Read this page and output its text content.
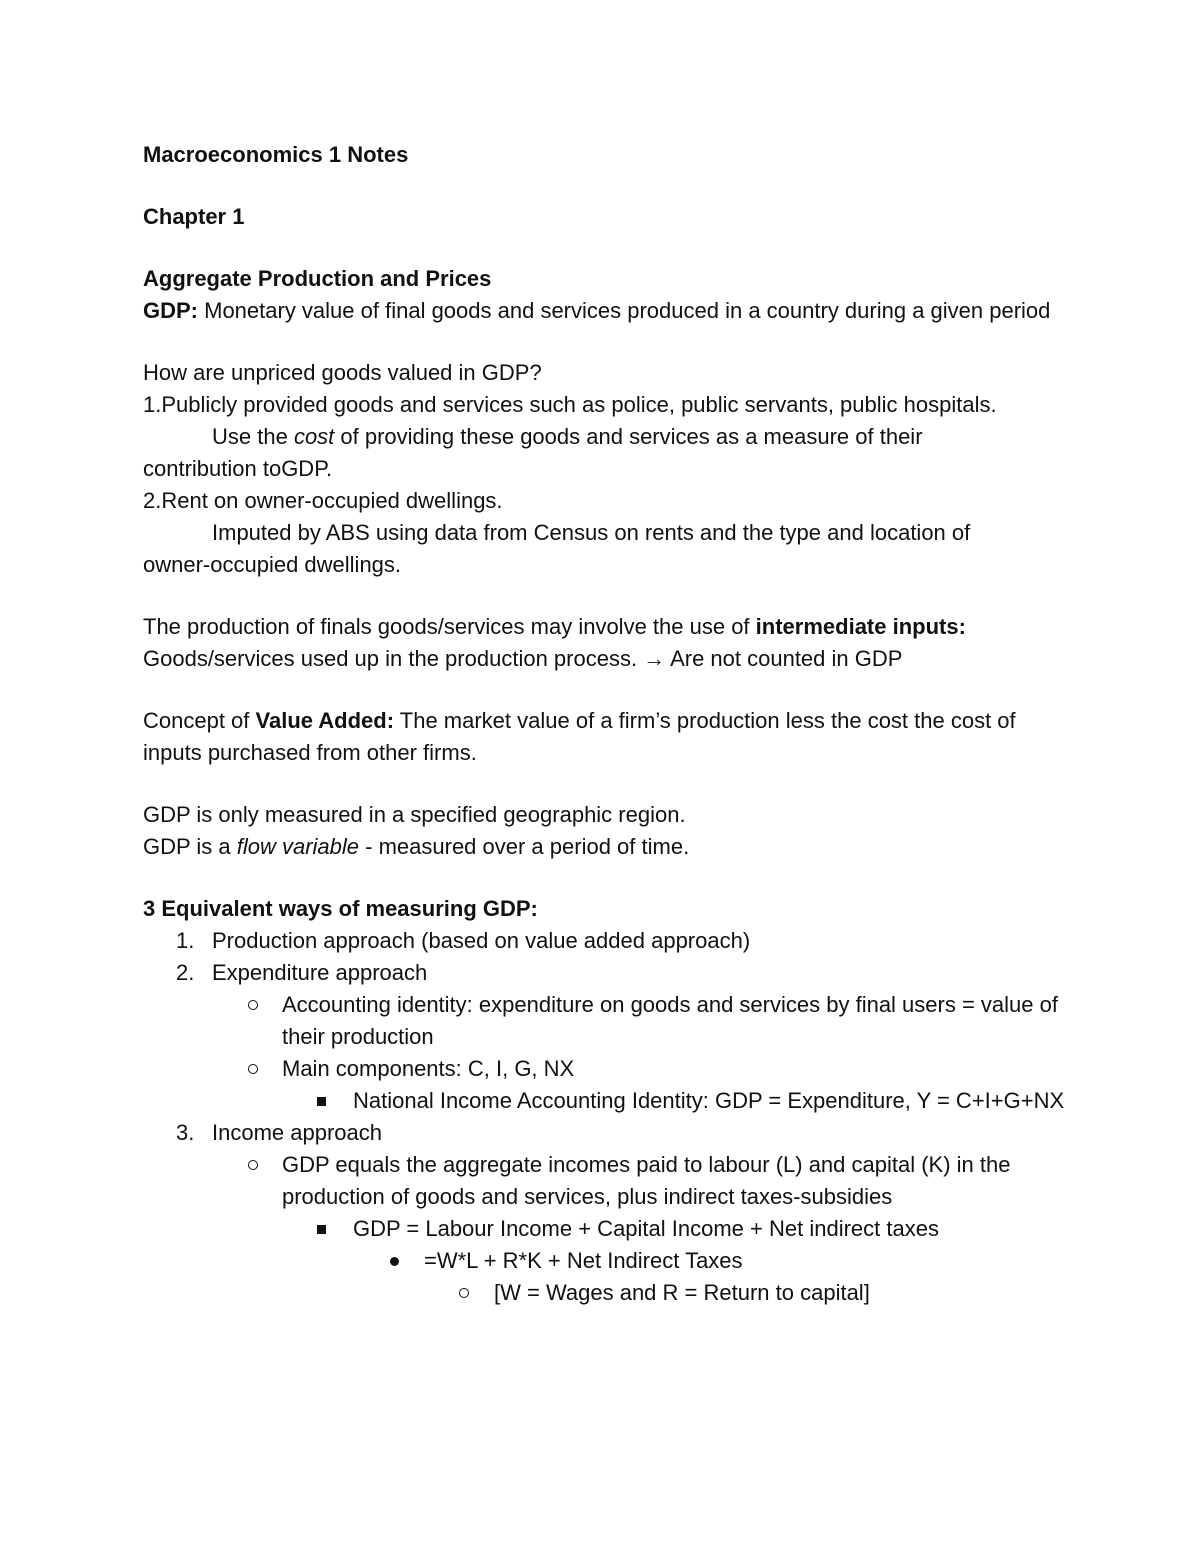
Macroeconomics 1 Notes

Chapter 1

Aggregate Production and Prices

GDP: Monetary value of final goods and services produced in a country during a given period

How are unpriced goods valued in GDP?

1.Publicly provided goods and services such as police, public servants, public hospitals.

Use the cost of providing these goods and services as a measure of their

contribution toGDP.

2.Rent on owner-occupied dwellings.

Imputed by ABS using data from Census on rents and the type and location of

owner-occupied dwellings.

The production of finals goods/services may involve the use of intermediate inputs:

Goods/services used up in the production process. → Are not counted in GDP

Concept of Value Added: The market value of a firm’s production less the cost the cost of inputs purchased from other firms.

GDP is only measured in a specified geographic region.

GDP is a flow variable - measured over a period of time.

3 Equivalent ways of measuring GDP:

1. Production approach (based on value added approach)
2. Expenditure approach
Accounting identity: expenditure on goods and services by final users = value of their production
Main components: C, I, G, NX
National Income Accounting Identity: GDP = Expenditure, Y = C+I+G+NX
3. Income approach
GDP equals the aggregate incomes paid to labour (L) and capital (K) in the production of goods and services, plus indirect taxes-subsidies
GDP = Labour Income + Capital Income + Net indirect taxes
=W*L + R*K + Net Indirect Taxes
[W = Wages and R = Return to capital]
